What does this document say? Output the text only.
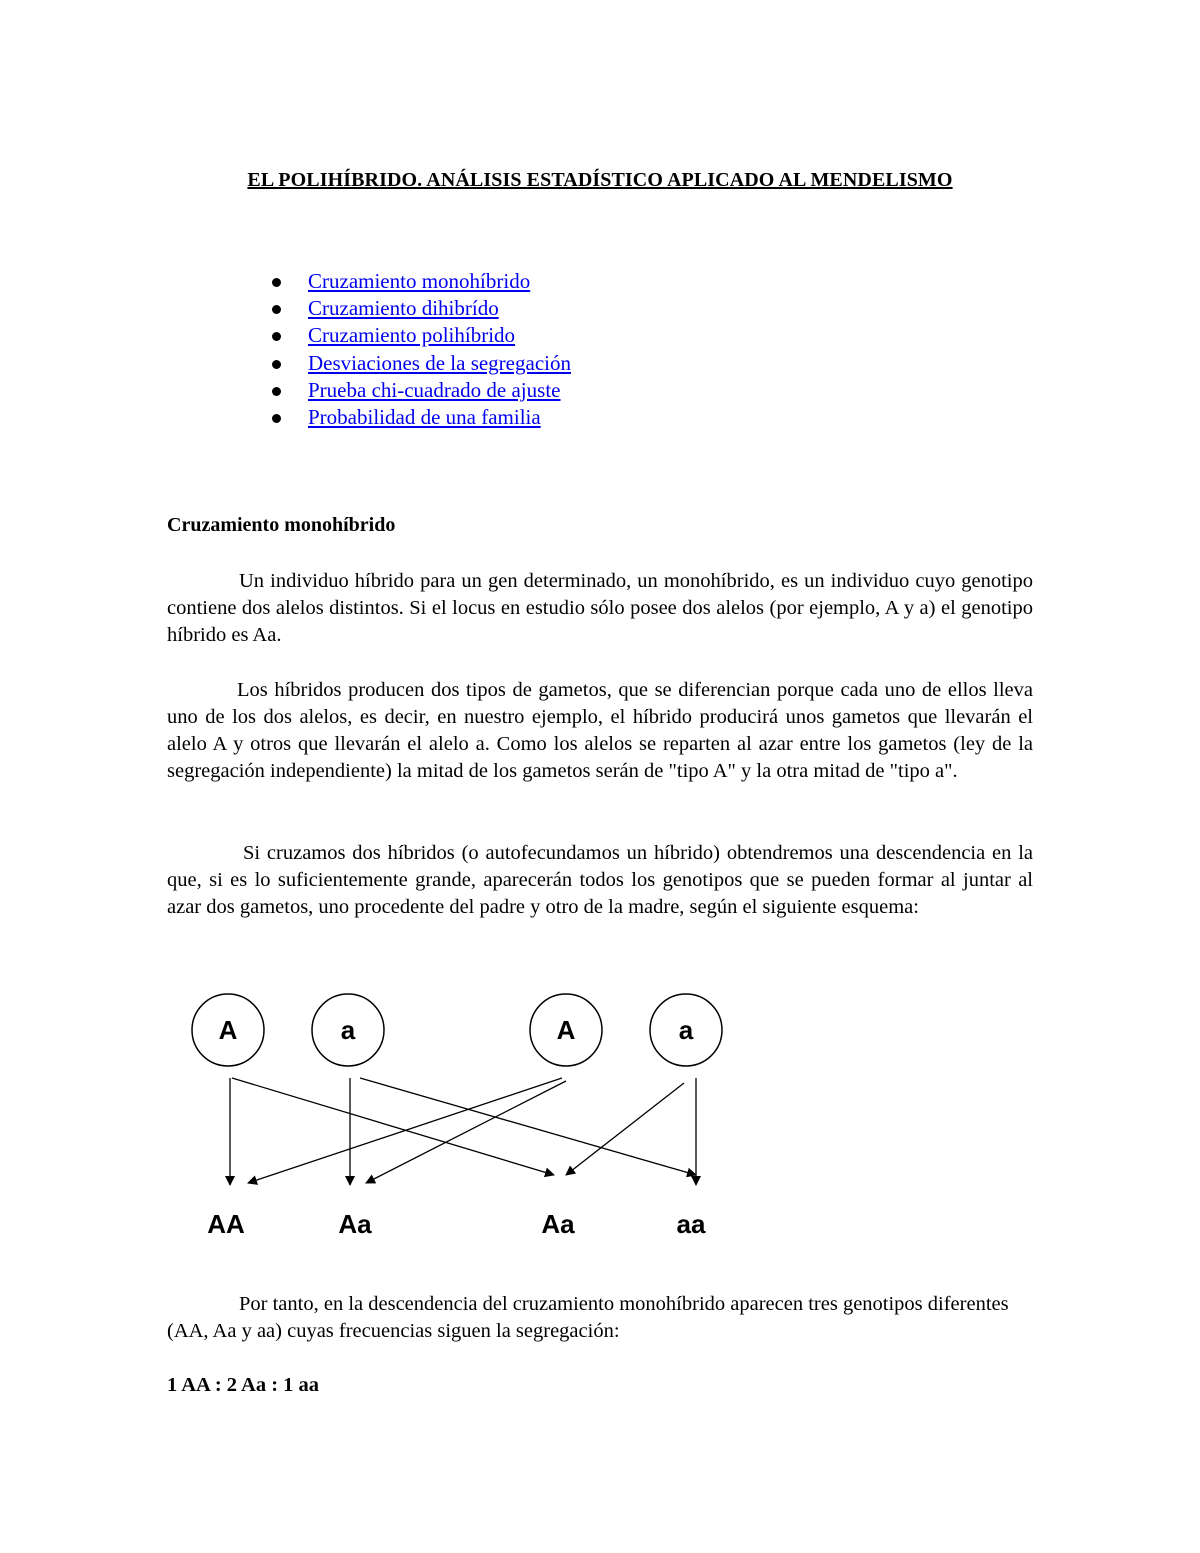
EL POLIHÍBRIDO. ANÁLISIS ESTADÍSTICO APLICADO AL MENDELISMO
Cruzamiento monohíbrido
Cruzamiento dihibrído
Cruzamiento polihíbrido
Desviaciones de la segregación
Prueba chi-cuadrado de ajuste
Probabilidad de una familia
Cruzamiento monohíbrido

Un individuo híbrido para un gen determinado, un monohíbrido, es un individuo cuyo genotipo contiene dos alelos distintos. Si el locus en estudio sólo posee dos alelos (por ejemplo, A y a) el genotipo híbrido es Aa.

Los híbridos producen dos tipos de gametos, que se diferencian porque cada uno de ellos lleva uno de los dos alelos, es decir, en nuestro ejemplo, el híbrido producirá unos gametos que llevarán el alelo A y otros que llevarán el alelo a. Como los alelos se reparten al azar entre los gametos (ley de la segregación independiente) la mitad de los gametos serán de "tipo A" y la otra mitad de "tipo a".

Si cruzamos dos híbridos (o autofecundamos un híbrido) obtendremos una descendencia en la que, si es lo suficientemente grande, aparecerán todos los genotipos que se pueden formar al juntar al azar dos gametos, uno procedente del padre y otro de la madre, según el siguiente esquema:

A	a	A	a
AA	Aa	Aa	aa

Por tanto, en la descendencia del cruzamiento monohíbrido aparecen tres genotipos diferentes (AA, Aa y aa) cuyas frecuencias siguen la segregación:

1 AA : 2 Aa : 1 aa
